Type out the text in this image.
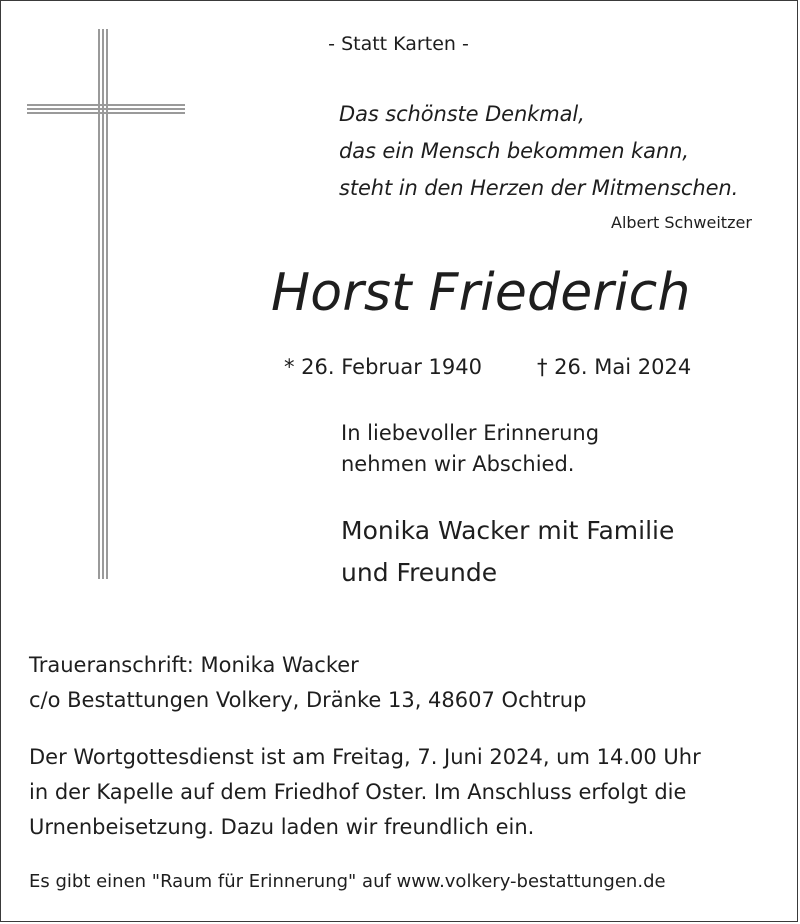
- Statt Karten -
Das schönste Denkmal,
das ein Mensch bekommen kann,
steht in den Herzen der Mitmenschen.
Albert Schweitzer
Horst Friederich
* 26. Februar 1940	† 26. Mai 2024
In liebevoller Erinnerung
nehmen wir Abschied.
Monika Wacker mit Familie
und Freunde
Traueranschrift: Monika Wacker
c/o Bestattungen Volkery, Dränke 13, 48607 Ochtrup
Der Wortgottesdienst ist am Freitag, 7. Juni 2024, um 14.00 Uhr
in der Kapelle auf dem Friedhof Oster. Im Anschluss erfolgt die
Urnenbeisetzung. Dazu laden wir freundlich ein.
Es gibt einen "Raum für Erinnerung" auf www.volkery-bestattungen.de
